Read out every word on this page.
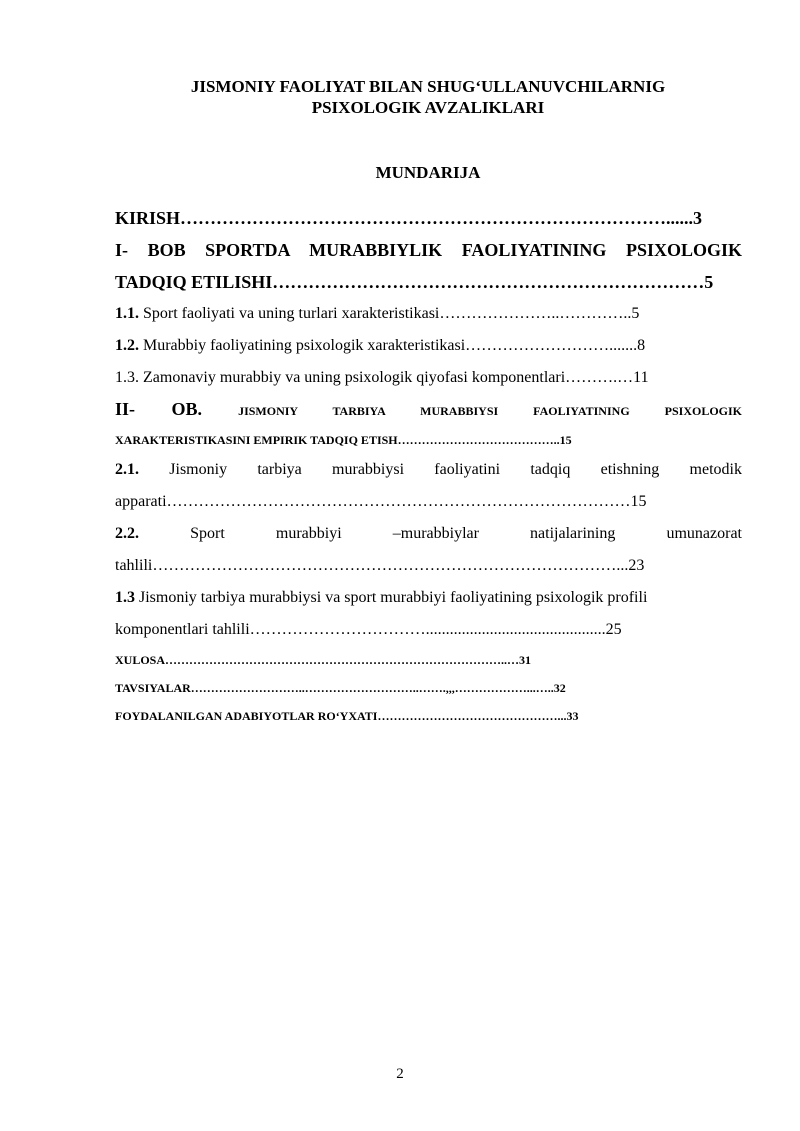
JISMONIY FAOLIYAT BILAN SHUG‘ULLANUVCHILARNIG
PSIXOLOGIK AVZALIKLARI
MUNDARIJA
KIRISH………………………………………………………………………......3
I- BOB SPORTDA MURABBIYLIK FAOLIYATINING PSIXOLOGIK
TADQIQ ETILISHI………………………………………………………………5
1.1. Sport faoliyati va uning turlari xarakteristikasi…………………..…………..5
1.2. Murabbiy faoliyatining psixologik xarakteristikasi……………………….......8
1.3. Zamonaviy murabbiy va uning psixologik qiyofasi komponentlari……….…11
II- OB.	JISMONIY TARBIYA MURABBIYSI FAOLIYATINING PSIXOLOGIK
XARAKTERISTIKASINI EMPIRIK TADQIQ ETISH…………………………………..15
2.1. Jismoniy tarbiya murabbiysi faoliyatini tadqiq etishning metodik
apparati……………………………………………………………………………15
2.2. Sport murabbiyi –murabbiylar natijalarining umunazorat
tahlili……………………………………………………………………………...23
1.3 Jismoniy tarbiya murabbiysi va sport murabbiyi faoliyatining psixologik profili
komponentlari tahlili…………………………….............................................25
XULOSA…………………………………………………………………………..…31
TAVSIYALAR………………………..………………………..…….,,,………………...…..32
FOYDALANILGAN ADABIYOTLAR RO‘YXATI………………………………………...33
2
